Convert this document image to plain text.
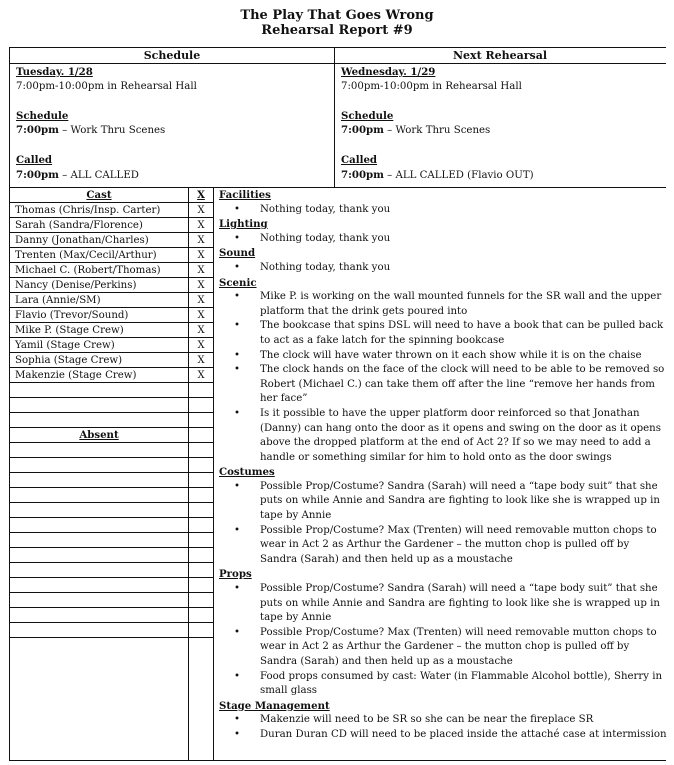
The Play That Goes Wrong
Rehearsal Report #9
Schedule	Next Rehearsal
Tuesday. 1/28
7:00pm-10:00pm in Rehearsal Hall
Schedule
7:00pm – Work Thru Scenes
Called
7:00pm – ALL CALLED
Wednesday. 1/29
7:00pm-10:00pm in Rehearsal Hall
Schedule
7:00pm – Work Thru Scenes
Called
7:00pm – ALL CALLED (Flavio OUT)
Cast	X
Thomas (Chris/Insp. Carter)	X
Sarah (Sandra/Florence)	X
Danny (Jonathan/Charles)	X
Trenten (Max/Cecil/Arthur)	X
Michael C. (Robert/Thomas)	X
Nancy (Denise/Perkins)	X
Lara (Annie/SM)	X
Flavio (Trevor/Sound)	X
Mike P. (Stage Crew)	X
Yamil (Stage Crew)	X
Sophia (Stage Crew)	X
Makenzie (Stage Crew)	X
Absent
Facilities
• Nothing today, thank you
Lighting
• Nothing today, thank you
Sound
• Nothing today, thank you
Scenic
• Mike P. is working on the wall mounted funnels for the SR wall and the upper platform that the drink gets poured into
• The bookcase that spins DSL will need to have a book that can be pulled back to act as a fake latch for the spinning bookcase
• The clock will have water thrown on it each show while it is on the chaise
• The clock hands on the face of the clock will need to be able to be removed so Robert (Michael C.) can take them off after the line “remove her hands from her face”
• Is it possible to have the upper platform door reinforced so that Jonathan (Danny) can hang onto the door as it opens and swing on the door as it opens above the dropped platform at the end of Act 2? If so we may need to add a handle or something similar for him to hold onto as the door swings
Costumes
• Possible Prop/Costume? Sandra (Sarah) will need a “tape body suit” that she puts on while Annie and Sandra are fighting to look like she is wrapped up in tape by Annie
• Possible Prop/Costume? Max (Trenten) will need removable mutton chops to wear in Act 2 as Arthur the Gardener – the mutton chop is pulled off by Sandra (Sarah) and then held up as a moustache
Props
• Possible Prop/Costume? Sandra (Sarah) will need a “tape body suit” that she puts on while Annie and Sandra are fighting to look like she is wrapped up in tape by Annie
• Possible Prop/Costume? Max (Trenten) will need removable mutton chops to wear in Act 2 as Arthur the Gardener – the mutton chop is pulled off by Sandra (Sarah) and then held up as a moustache
• Food props consumed by cast: Water (in Flammable Alcohol bottle), Sherry in small glass
Stage Management
• Makenzie will need to be SR so she can be near the fireplace SR
• Duran Duran CD will need to be placed inside the attaché case at intermission
